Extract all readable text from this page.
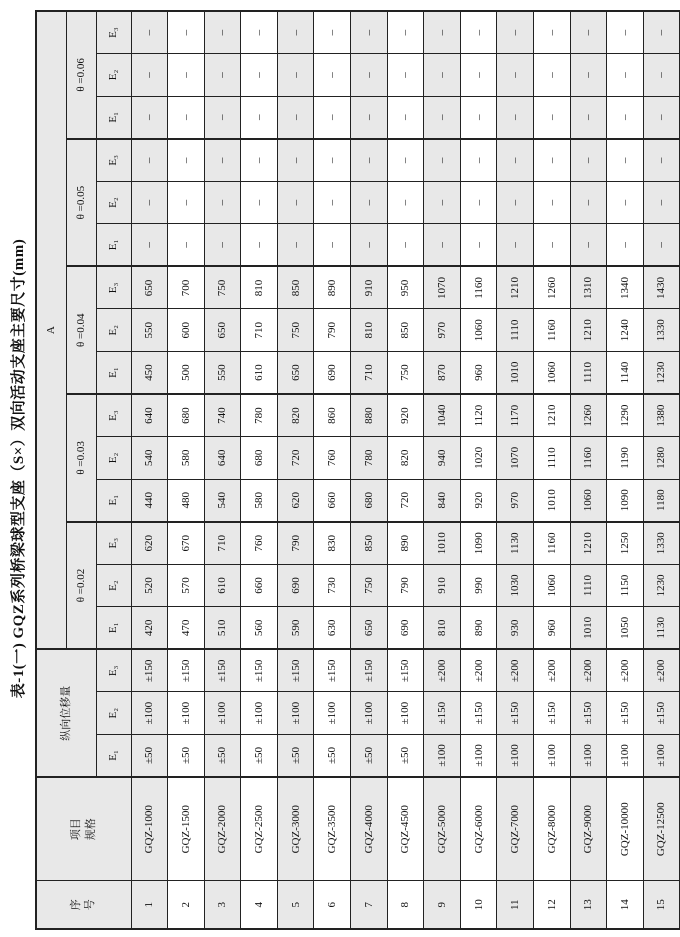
表-1(一) GQZ系列桥梁球型支座（S×）双向活动支座主要尺寸(mm)
序号	项目 规格	纵向位移量			A														
					θ =0.02			θ =0.03			θ =0.04			θ =0.05			θ =0.06		
		E₁	E₂	E₃	E₁	E₂	E₃	E₁	E₂	E₃	E₁	E₂	E₃	E₁	E₂	E₃	E₁	E₂	E₃
1	GQZ-1000	±50	±100	±150	420	520	620	440	540	640	450	550	650	–	–	–	–	–	–
2	GQZ-1500	±50	±100	±150	470	570	670	480	580	680	500	600	700	–	–	–	–	–	–
3	GQZ-2000	±50	±100	±150	510	610	710	540	640	740	550	650	750	–	–	–	–	–	–
4	GQZ-2500	±50	±100	±150	560	660	760	580	680	780	610	710	810	–	–	–	–	–	–
5	GQZ-3000	±50	±100	±150	590	690	790	620	720	820	650	750	850	–	–	–	–	–	–
6	GQZ-3500	±50	±100	±150	630	730	830	660	760	860	690	790	890	–	–	–	–	–	–
7	GQZ-4000	±50	±100	±150	650	750	850	680	780	880	710	810	910	–	–	–	–	–	–
8	GQZ-4500	±50	±100	±150	690	790	890	720	820	920	750	850	950	–	–	–	–	–	–
9	GQZ-5000	±100	±150	±200	810	910	1010	840	940	1040	870	970	1070	–	–	–	–	–	–
10	GQZ-6000	±100	±150	±200	890	990	1090	920	1020	1120	960	1060	1160	–	–	–	–	–	–
11	GQZ-7000	±100	±150	±200	930	1030	1130	970	1070	1170	1010	1110	1210	–	–	–	–	–	–
12	GQZ-8000	±100	±150	±200	960	1060	1160	1010	1110	1210	1060	1160	1260	–	–	–	–	–	–
13	GQZ-9000	±100	±150	±200	1010	1110	1210	1060	1160	1260	1110	1210	1310	–	–	–	–	–	–
14	GQZ-10000	±100	±150	±200	1050	1150	1250	1090	1190	1290	1140	1240	1340	–	–	–	–	–	–
15	GQZ-12500	±100	±150	±200	1130	1230	1330	1180	1280	1380	1230	1330	1430	–	–	–	–	–	–
